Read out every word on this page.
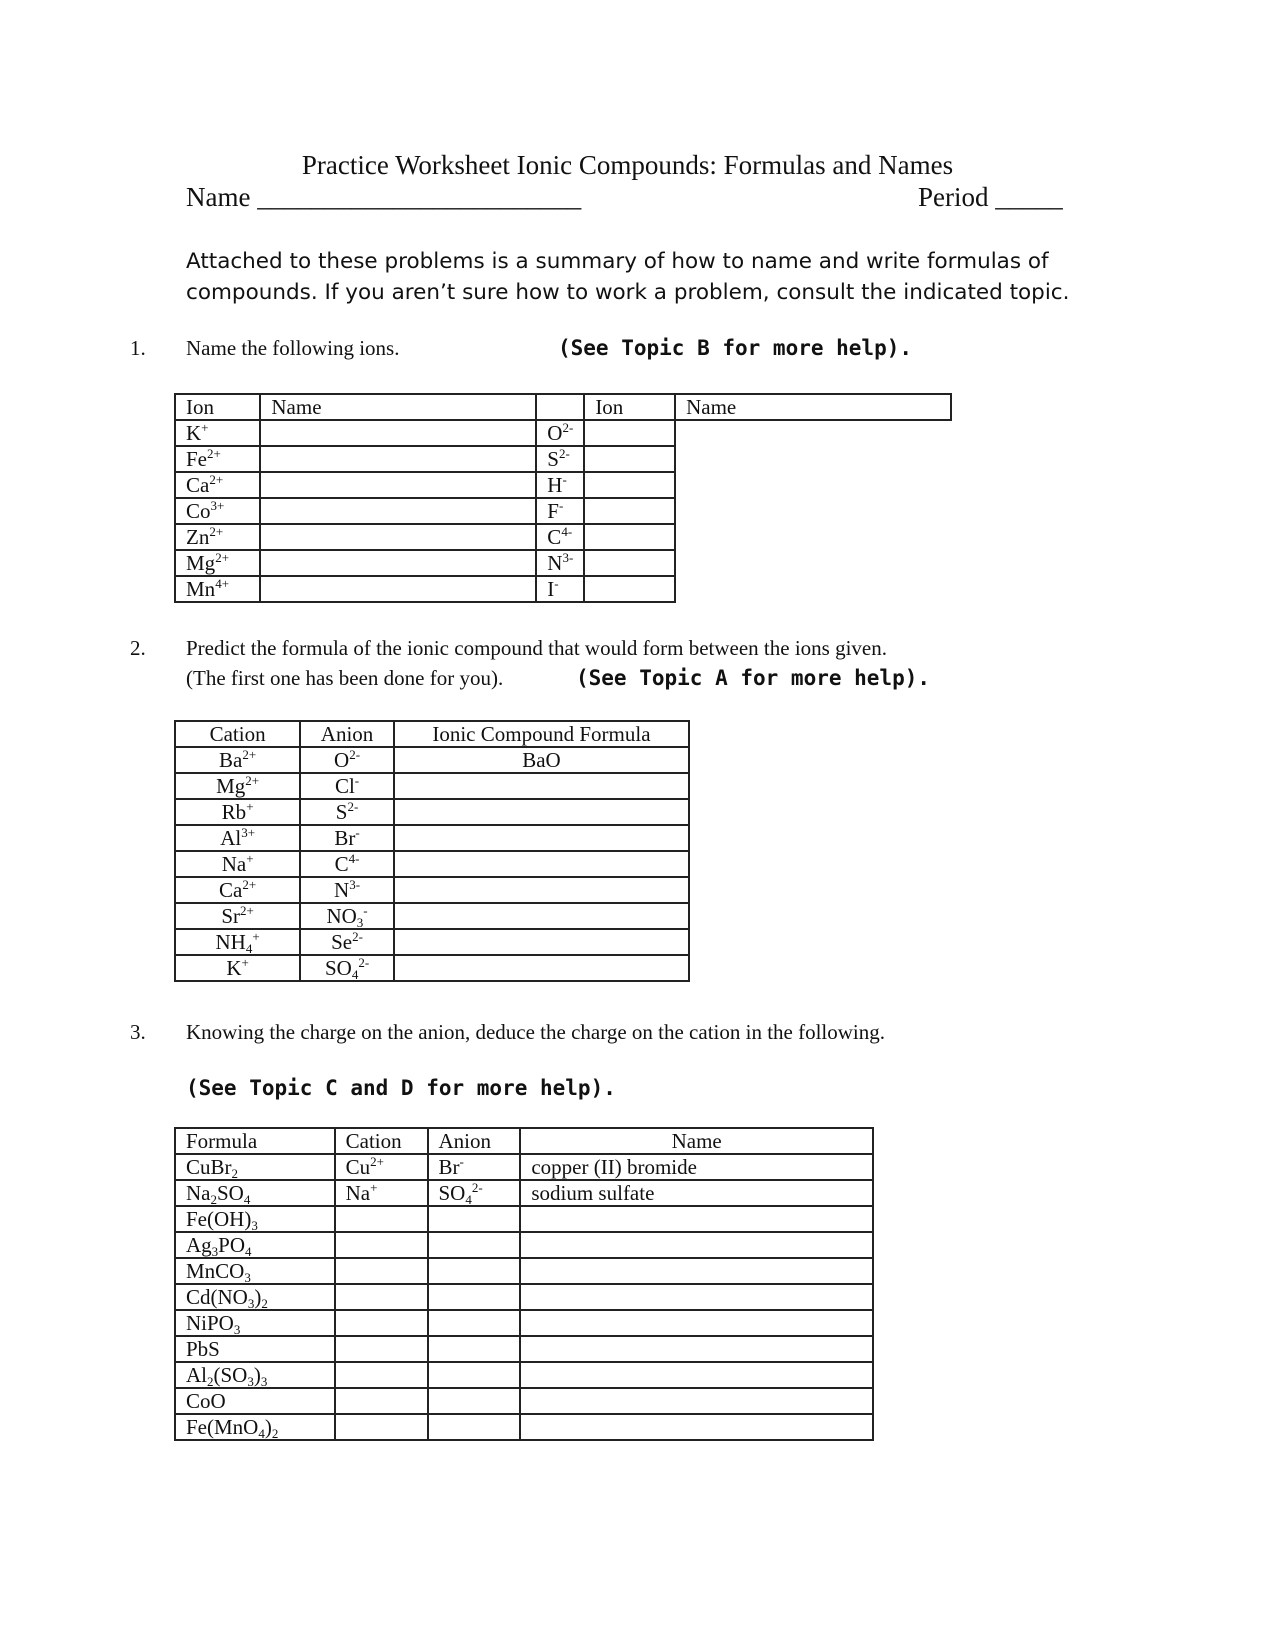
Practice Worksheet Ionic Compounds: Formulas and Names
Name ________________________	Period _____
Attached to these problems is a summary of how to name and write formulas of
compounds. If you aren’t sure how to work a problem, consult the indicated topic.
1. Name the following ions.	(See Topic B for more help).
Ion	Name		Ion	Name
K+		$O^{2-}$	
$Fe^{2+}$		$S^{2-}$	
$Ca^{2+}$		H-	
$Co^{3+}$		F-	
$Zn^{2+}$		$C^{4-}$	
$Mg^{2+}$		$N^{3-}$	
$Mn^{4+}$		I-	
2. Predict the formula of the ionic compound that would form between the ions given.
(The first one has been done for you).	(See Topic A for more help).
Cation	Anion	Ionic Compound Formula
$Ba^{2+}$	$O^{2-}$	BaO
$Mg^{2+}$	Cl-	
Rb+	$S^{2-}$	
$Al^{3+}$	Br-	
Na+	$C^{4-}$	
$Ca^{2+}$	$N^{3-}$	
$Sr^{2+}$	$NO_3^-$	
$NH_4^+$	$Se^{2-}$	
K+	$SO_4^{2-}$	
3. Knowing the charge on the anion, deduce the charge on the cation in the following.
(See Topic C and D for more help).
Formula	Cation	Anion	Name
CuBr$_2$	$Cu^{2+}$	Br-	copper (II) bromide
$Na_2SO_4$	Na+	$SO_4^{2-}$	sodium sulfate
$Fe(OH)_3$			
$Ag_3PO_4$			
MnCO$_3$			
$Cd(NO_3)_2$			
NiPO$_3$			
PbS			
$Al_2(SO_3)_3$			
CoO			
$Fe(MnO_4)_2$			
